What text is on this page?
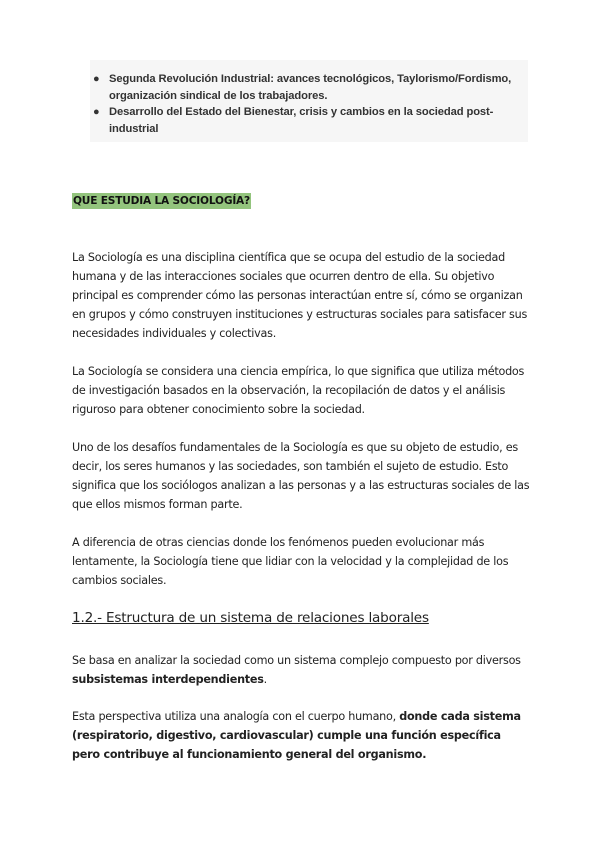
● Segunda Revolución Industrial: avances tecnológicos, Taylorismo/Fordismo, organización sindical de los trabajadores.
● Desarrollo del Estado del Bienestar, crisis y cambios en la sociedad post-industrial
QUE ESTUDIA LA SOCIOLOGÍA?

La Sociología es una disciplina científica que se ocupa del estudio de la sociedad humana y de las interacciones sociales que ocurren dentro de ella. Su objetivo principal es comprender cómo las personas interactúan entre sí, cómo se organizan en grupos y cómo construyen instituciones y estructuras sociales para satisfacer sus necesidades individuales y colectivas.

La Sociología se considera una ciencia empírica, lo que significa que utiliza métodos de investigación basados en la observación, la recopilación de datos y el análisis riguroso para obtener conocimiento sobre la sociedad.

Uno de los desafíos fundamentales de la Sociología es que su objeto de estudio, es decir, los seres humanos y las sociedades, son también el sujeto de estudio. Esto significa que los sociólogos analizan a las personas y a las estructuras sociales de las que ellos mismos forman parte.

A diferencia de otras ciencias donde los fenómenos pueden evolucionar más lentamente, la Sociología tiene que lidiar con la velocidad y la complejidad de los cambios sociales.

1.2.- Estructura de un sistema de relaciones laborales

Se basa en analizar la sociedad como un sistema complejo compuesto por diversos subsistemas interdependientes.

Esta perspectiva utiliza una analogía con el cuerpo humano, donde cada sistema (respiratorio, digestivo, cardiovascular) cumple una función específica pero contribuye al funcionamiento general del organismo.
